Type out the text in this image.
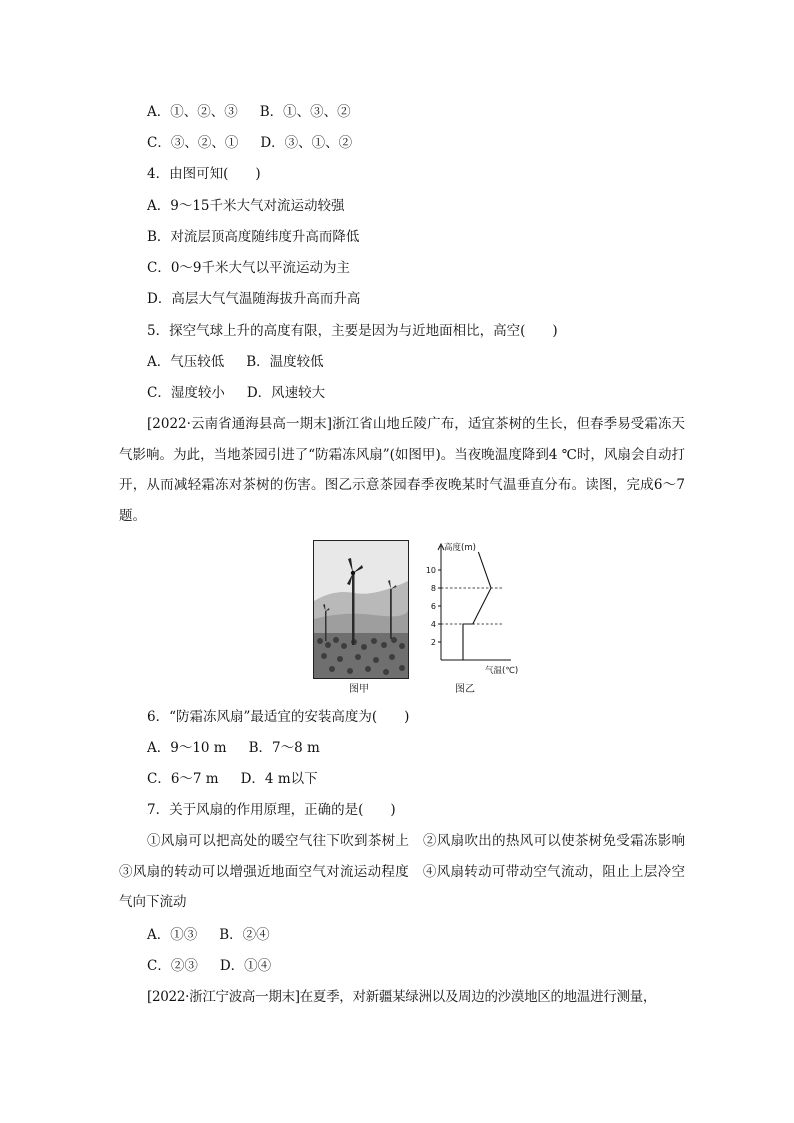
A．①、②、③ B．①、③、②
C．③、②、① D．③、①、②
4．由图可知(　　)
A．9～15千米大气对流运动较强
B．对流层顶高度随纬度升高而降低
C．0～9千米大气以平流运动为主
D．高层大气气温随海拔升高而升高
5．探空气球上升的高度有限，主要是因为与近地面相比，高空(　　)
A．气压较低 B．温度较低
C．湿度较小 D．风速较大
[2022·云南省通海县高一期末]浙江省山地丘陵广布，适宜茶树的生长，但春季易受霜冻天气影响。为此，当地茶园引进了“防霜冻风扇”(如图甲)。当夜晚温度降到4 ℃时，风扇会自动打开，从而减轻霜冻对茶树的伤害。图乙示意茶园春季夜晚某时气温垂直分布。读图，完成6～7题。
图甲
高度(m)
气温(℃)
2
4
6
8
10
图乙
6．“防霜冻风扇”最适宜的安装高度为(　　)
A．9～10 m B．7～8 m
C．6～7 m D．4 m以下
7．关于风扇的作用原理，正确的是(　　)
①风扇可以把高处的暖空气往下吹到茶树上　②风扇吹出的热风可以使茶树免受霜冻影响　③风扇的转动可以增强近地面空气对流运动程度　④风扇转动可带动空气流动，阻止上层冷空气向下流动
A．①③ B．②④
C．②③ D．①④
[2022·浙江宁波高一期末]在夏季，对新疆某绿洲以及周边的沙漠地区的地温进行测量，
